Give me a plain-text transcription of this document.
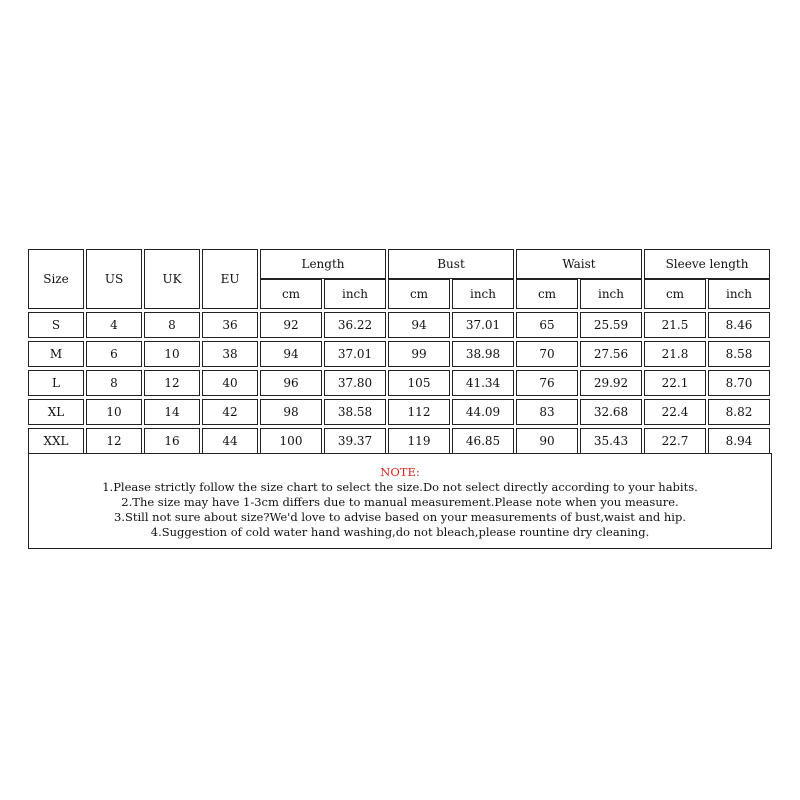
Size	US	UK	EU
Length
cm	inch
Bust
cm	inch
Waist
cm	inch
Sleeve length
cm	inch
S	4	8	36	92	36.22	94	37.01	65	25.59	21.5	8.46
M	6	10	38	94	37.01	99	38.98	70	27.56	21.8	8.58
L	8	12	40	96	37.80	105	41.34	76	29.92	22.1	8.70
XL	10	14	42	98	38.58	112	44.09	83	32.68	22.4	8.82
XXL	12	16	44	100	39.37	119	46.85	90	35.43	22.7	8.94
NOTE:
1.Please strictly follow the size chart to select the size.Do not select directly according to your habits.
2.The size may have 1-3cm differs due to manual measurement.Please note when you measure.
3.Still not sure about size?We'd love to advise based on your measurements of bust,waist and hip.
4.Suggestion of cold water hand washing,do not bleach,please rountine dry cleaning.
